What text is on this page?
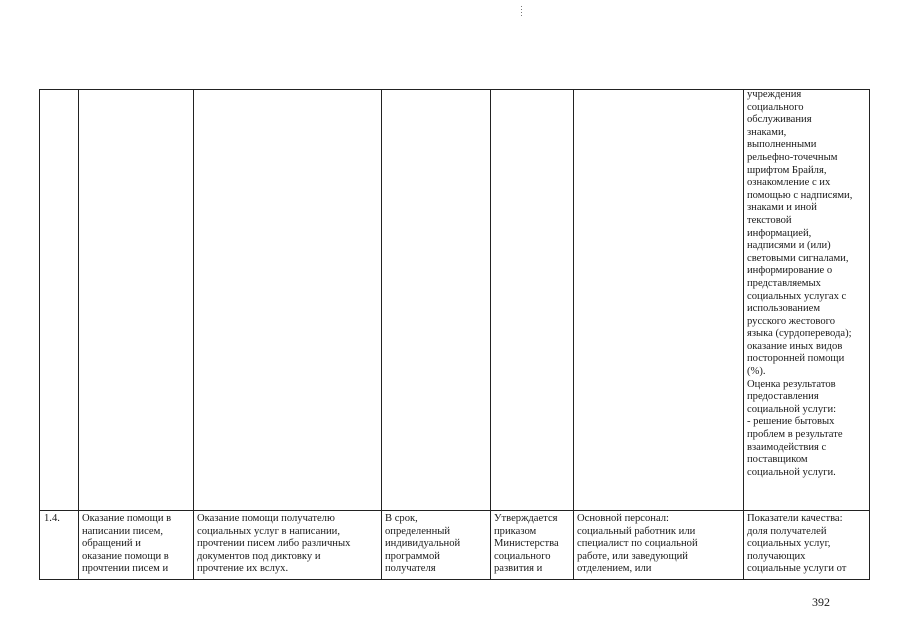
учреждения
социального
обслуживания
знаками,
выполненными
рельефно-точечным
шрифтом Брайля,
ознакомление с их
помощью с надписями,
знаками и иной
текстовой
информацией,
надписями и (или)
световыми сигналами,
информирование о
представляемых
социальных услугах с
использованием
русского жестового
языка (сурдоперевода);
оказание иных видов
посторонней помощи
(%).
Оценка результатов
предоставления
социальной услуги:
- решение бытовых
проблем в результате
взаимодействия с
поставщиком
социальной услуги.
1.4.	Оказание помощи в
написании писем,
обращений и
оказание помощи в
прочтении писем и
Оказание помощи получателю
социальных услуг в написании,
прочтении писем либо различных
документов под диктовку и
прочтение их вслух.
В срок,
определенный
индивидуальной
программой
получателя
Утверждается
приказом
Министерства
социального
развития и
Основной персонал:
социальный работник или
специалист по социальной
работе, или заведующий
отделением, или
Показатели качества:
доля получателей
социальных услуг,
получающих
социальные услуги от
392
